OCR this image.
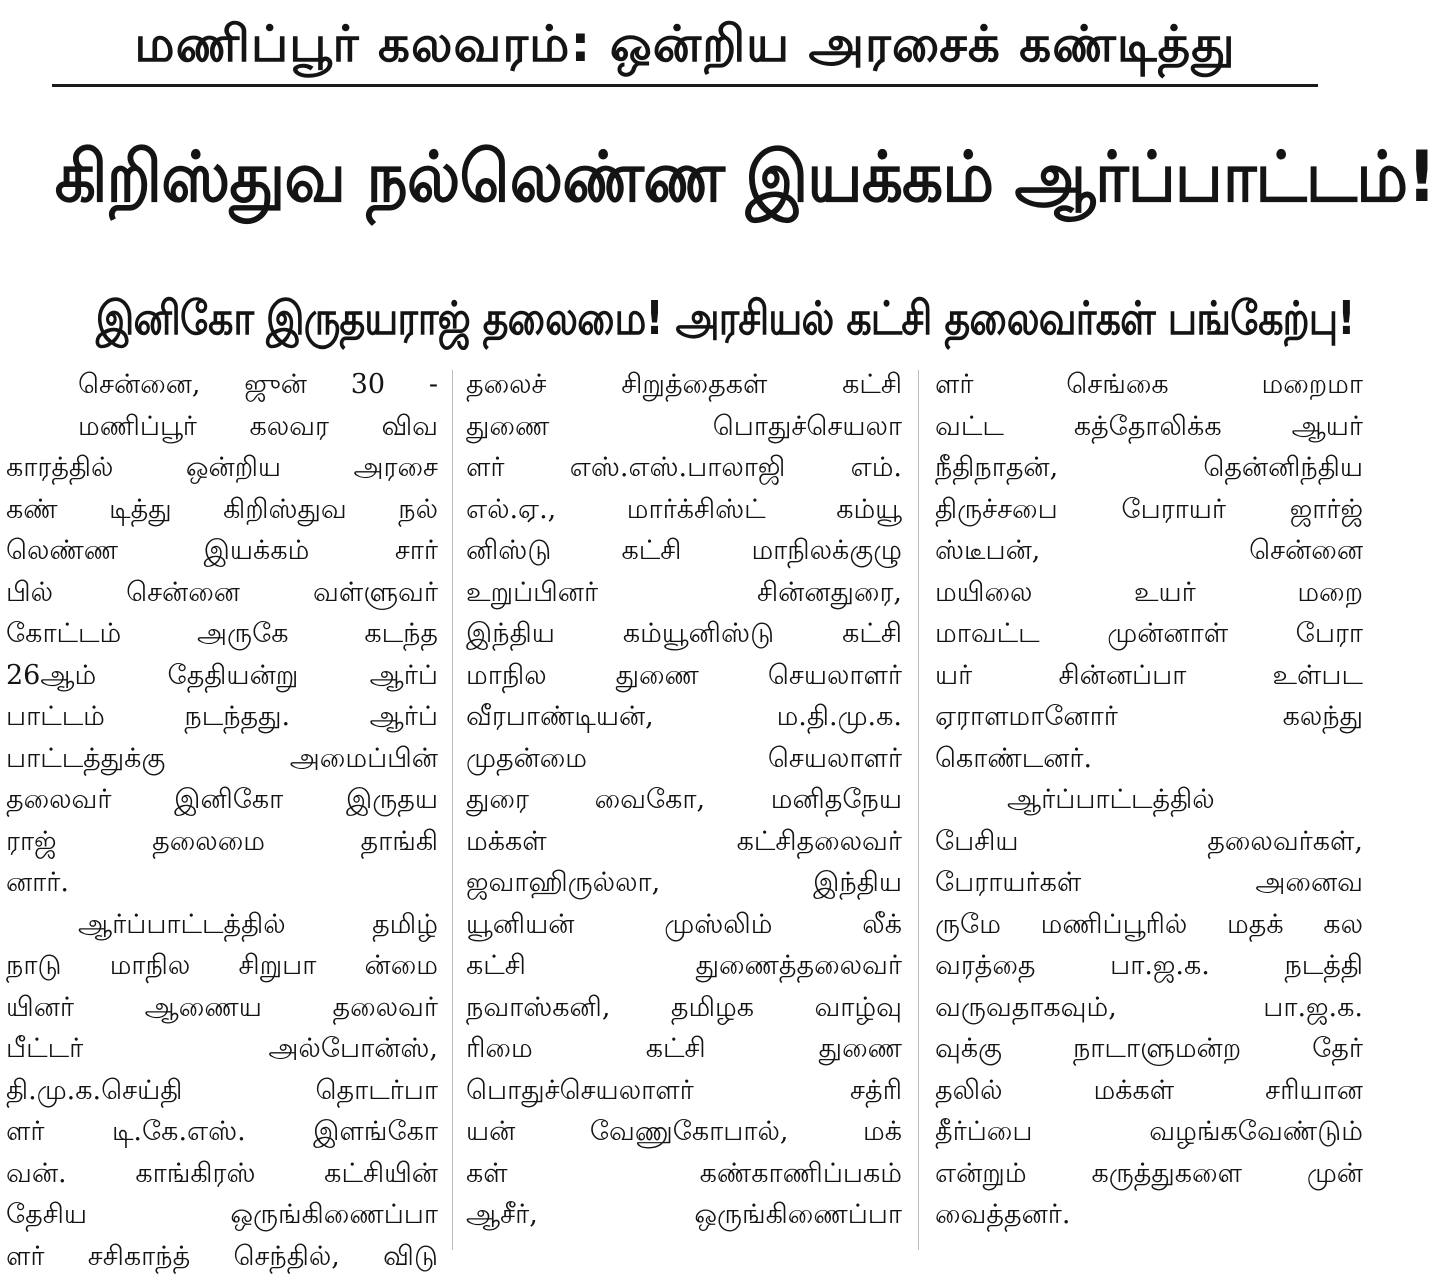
மணிப்பூர் கலவரம்: ஒன்றிய அரசைக் கண்டித்து
கிறிஸ்துவ நல்லெண்ண இயக்கம் ஆர்ப்பாட்டம்!
இனிகோ இருதயராஜ் தலைமை! அரசியல் கட்சி தலைவர்கள் பங்கேற்பு!
சென்னை, ஜுன் 30 -
மணிப்பூர் கலவர விவ
காரத்தில் ஒன்றிய அரசை
கண் டித்து கிறிஸ்துவ நல்
லெண்ண இயக்கம் சார்
பில் சென்னை வள்ளுவர்
கோட்டம் அருகே கடந்த
26ஆம் தேதியன்று ஆர்ப்
பாட்டம் நடந்தது. ஆர்ப்
பாட்டத்துக்கு அமைப்பின்
தலைவர் இனிகோ இருதய
ராஜ் தலைமை தாங்கி
னார்.
ஆர்ப்பாட்டத்தில் தமிழ்
நாடு மாநில சிறுபா ன்மை
யினர் ஆணைய தலைவர்
பீட்டர் அல்போன்ஸ்,
தி.மு.க.செய்தி தொடர்பா
ளர் டி.கே.எஸ். இளங்கோ
வன். காங்கிரஸ் கட்சியின்
தேசிய ஒருங்கிணைப்பா
ளர் சசிகாந்த் செந்தில், விடு
தலைச் சிறுத்தைகள் கட்சி
துணை பொதுச்செயலா
ளர் எஸ்.எஸ்.பாலாஜி எம்.
எல்.ஏ., மார்க்சிஸ்ட் கம்யூ
னிஸ்டு கட்சி மாநிலக்குழு
உறுப்பினர் சின்னதுரை,
இந்திய கம்யூனிஸ்டு கட்சி
மாநில துணை செயலாளர்
வீரபாண்டியன், ம.தி.மு.க.
முதன்மை செயலாளர்
துரை வைகோ, மனிதநேய
மக்கள் கட்சிதலைவர்
ஜவாஹிருல்லா, இந்திய
யூனியன் முஸ்லிம் லீக்
கட்சி துணைத்தலைவர்
நவாஸ்கனி, தமிழக வாழ்வு
ரிமை கட்சி துணை
பொதுச்செயலாளர் சத்ரி
யன் வேணுகோபால், மக்
கள் கண்காணிப்பகம்
ஆசீர், ஒருங்கிணைப்பா
ளர் செங்கை மறைமா
வட்ட கத்தோலிக்க ஆயர்
நீதிநாதன், தென்னிந்திய
திருச்சபை பேராயர் ஜார்ஜ்
ஸ்டீபன், சென்னை
மயிலை உயர் மறை
மாவட்ட முன்னாள் பேரா
யர் சின்னப்பா உள்பட
ஏராளமானோர் கலந்து
கொண்டனர்.
ஆர்ப்பாட்டத்தில்
பேசிய தலைவர்கள்,
பேராயர்கள் அனைவ
ருமே மணிப்பூரில் மதக் கல
வரத்தை பா.ஜ.க. நடத்தி
வருவதாகவும், பா.ஜ.க.
வுக்கு நாடாளுமன்ற தேர்
தலில் மக்கள் சரியான
தீர்ப்பை வழங்கவேண்டும்
என்றும் கருத்துகளை முன்
வைத்தனர்.
